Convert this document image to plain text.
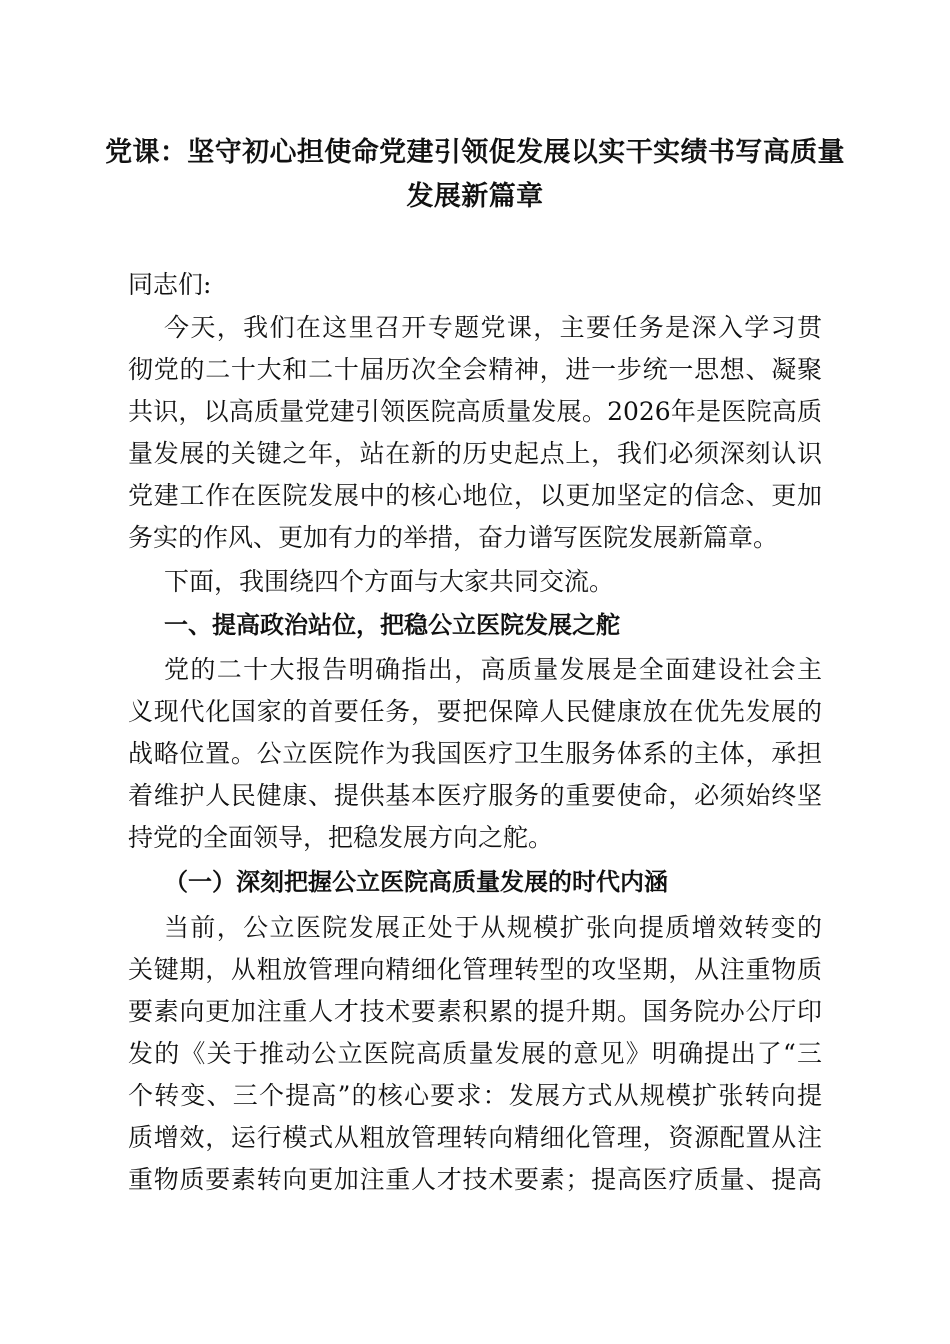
党课：坚守初心担使命党建引领促发展以实干实绩书写高质量
发展新篇章
同志们:
今天，我们在这里召开专题党课，主要任务是深入学习贯
彻党的二十大和二十届历次全会精神，进一步统一思想、凝聚
共识，以高质量党建引领医院高质量发展。2026年是医院高质
量发展的关键之年，站在新的历史起点上，我们必须深刻认识
党建工作在医院发展中的核心地位，以更加坚定的信念、更加
务实的作风、更加有力的举措，奋力谱写医院发展新篇章。
下面，我围绕四个方面与大家共同交流。
一、提高政治站位，把稳公立医院发展之舵
党的二十大报告明确指出，高质量发展是全面建设社会主
义现代化国家的首要任务，要把保障人民健康放在优先发展的
战略位置。公立医院作为我国医疗卫生服务体系的主体，承担
着维护人民健康、提供基本医疗服务的重要使命，必须始终坚
持党的全面领导，把稳发展方向之舵。
（一）深刻把握公立医院高质量发展的时代内涵
当前，公立医院发展正处于从规模扩张向提质增效转变的
关键期，从粗放管理向精细化管理转型的攻坚期，从注重物质
要素向更加注重人才技术要素积累的提升期。国务院办公厅印
发的《关于推动公立医院高质量发展的意见》明确提出了“三
个转变、三个提高”的核心要求：发展方式从规模扩张转向提
质增效，运行模式从粗放管理转向精细化管理，资源配置从注
重物质要素转向更加注重人才技术要素；提高医疗质量、提高
